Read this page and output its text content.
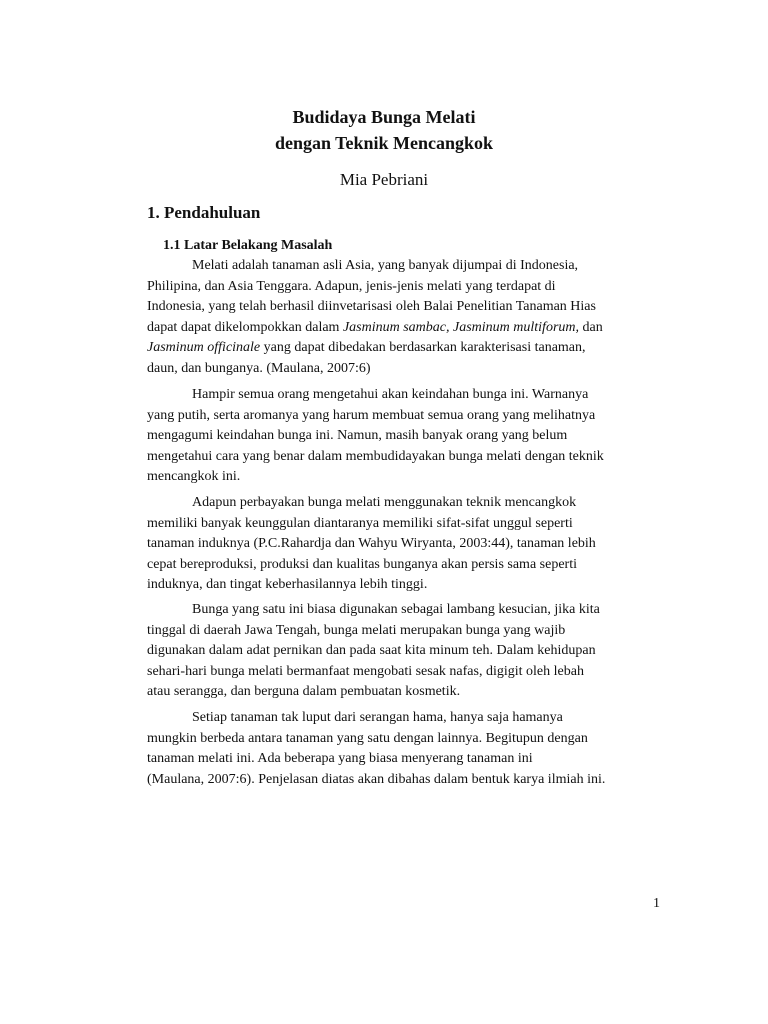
Budidaya Bunga Melati
dengan Teknik Mencangkok
Mia Pebriani
1. Pendahuluan
1.1 Latar Belakang Masalah
Melati adalah tanaman asli Asia, yang banyak dijumpai di Indonesia,
Philipina, dan Asia Tenggara. Adapun, jenis-jenis melati yang terdapat di
Indonesia, yang telah berhasil diinvetarisasi oleh Balai Penelitian Tanaman Hias
dapat dapat dikelompokkan dalam Jasminum sambac, Jasminum multiforum, dan
Jasminum officinale yang dapat dibedakan berdasarkan karakterisasi tanaman,
daun, dan bunganya. (Maulana, 2007:6)
Hampir semua orang mengetahui akan keindahan bunga ini. Warnanya
yang putih, serta aromanya yang harum membuat semua orang yang melihatnya
mengagumi keindahan bunga ini. Namun, masih banyak orang yang belum
mengetahui cara yang benar dalam membudidayakan bunga melati dengan teknik
mencangkok ini.
Adapun perbayakan bunga melati menggunakan teknik mencangkok
memiliki banyak keunggulan diantaranya memiliki sifat-sifat unggul seperti
tanaman induknya (P.C.Rahardja dan Wahyu Wiryanta, 2003:44), tanaman lebih
cepat bereproduksi, produksi dan kualitas bunganya akan persis sama seperti
induknya, dan tingat keberhasilannya lebih tinggi.
Bunga yang satu ini biasa digunakan sebagai lambang kesucian, jika kita
tinggal di daerah Jawa Tengah, bunga melati merupakan bunga yang wajib
digunakan dalam adat pernikan dan pada saat kita minum teh. Dalam kehidupan
sehari-hari bunga melati bermanfaat mengobati sesak nafas, digigit oleh lebah
atau serangga, dan berguna dalam pembuatan kosmetik.
Setiap tanaman tak luput dari serangan hama, hanya saja hamanya
mungkin berbeda antara tanaman yang satu dengan lainnya. Begitupun dengan
tanaman melati ini. Ada beberapa yang biasa menyerang tanaman ini
(Maulana, 2007:6). Penjelasan diatas akan dibahas dalam bentuk karya ilmiah ini.
1
